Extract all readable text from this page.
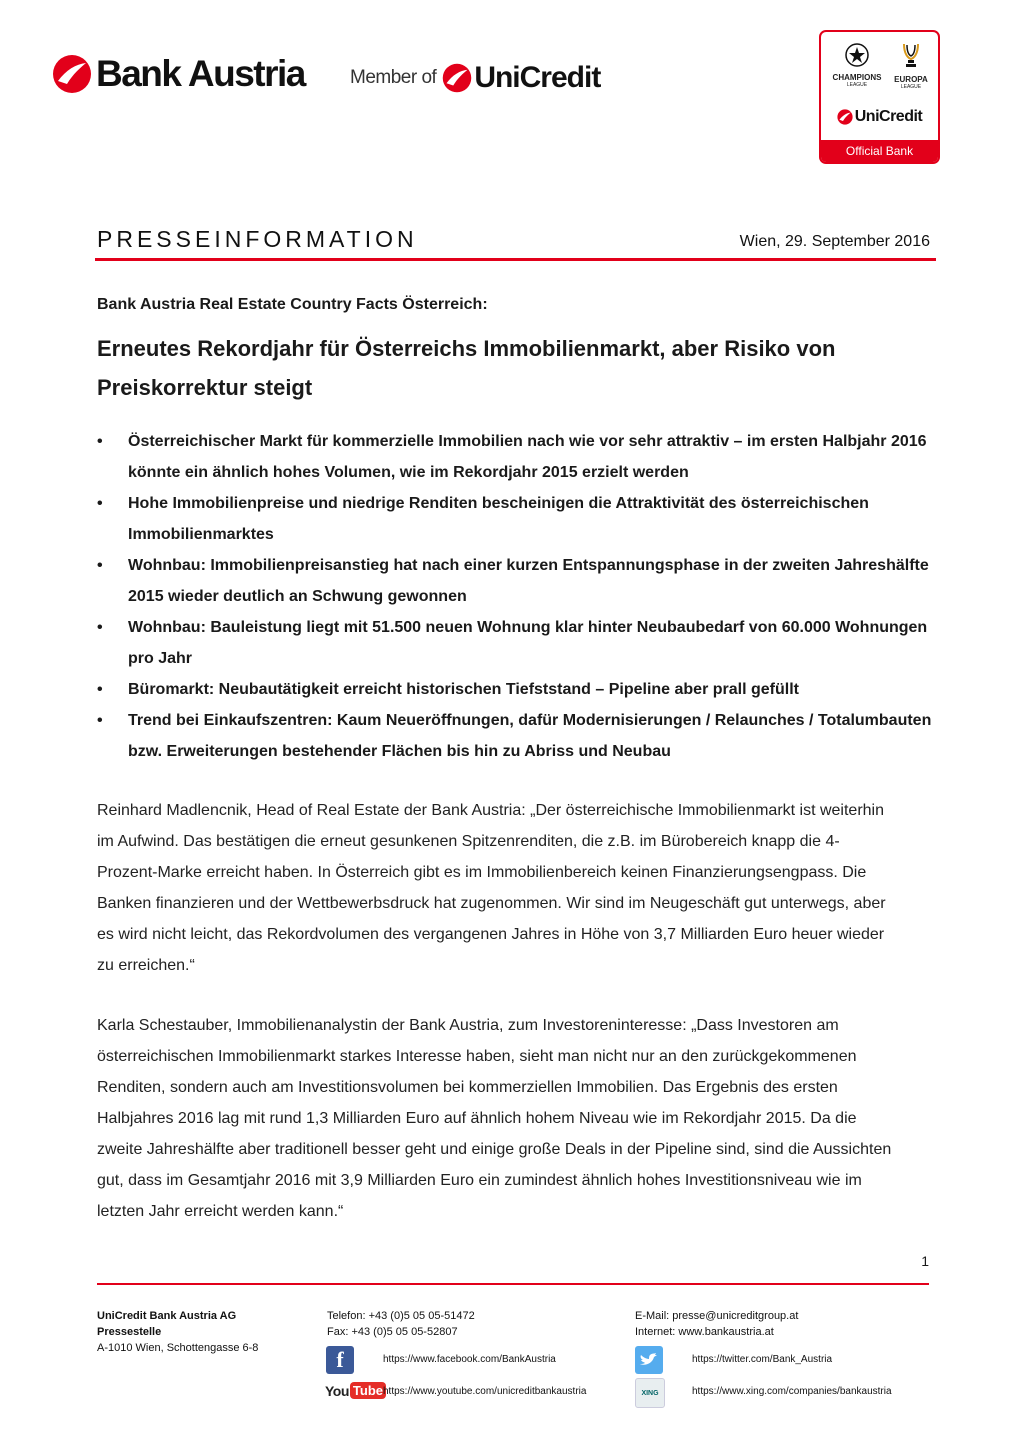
Bank Austria Member of UniCredit	CHAMPIONS
LEAGUE
EUROPA
LEAGUE
UniCredit
Official Bank
PRESSEINFORMATION	Wien, 29. September 2016
Bank Austria Real Estate Country Facts Österreich:
Erneutes Rekordjahr für Österreichs Immobilienmarkt, aber Risiko von Preiskorrektur steigt
• Österreichischer Markt für kommerzielle Immobilien nach wie vor sehr attraktiv – im ersten Halbjahr 2016 könnte ein ähnlich hohes Volumen, wie im Rekordjahr 2015 erzielt werden
• Hohe Immobilienpreise und niedrige Renditen bescheinigen die Attraktivität des österreichischen Immobilienmarktes
• Wohnbau: Immobilienpreisanstieg hat nach einer kurzen Entspannungsphase in der zweiten Jahreshälfte 2015 wieder deutlich an Schwung gewonnen
• Wohnbau: Bauleistung liegt mit 51.500 neuen Wohnung klar hinter Neubaubedarf von 60.000 Wohnungen pro Jahr
• Büromarkt: Neubautätigkeit erreicht historischen Tiefststand – Pipeline aber prall gefüllt
• Trend bei Einkaufszentren: Kaum Neueröffnungen, dafür Modernisierungen / Relaunches / Totalumbauten bzw. Erweiterungen bestehender Flächen bis hin zu Abriss und Neubau
Reinhard Madlencnik, Head of Real Estate der Bank Austria: „Der österreichische Immobilienmarkt ist weiterhin im Aufwind. Das bestätigen die erneut gesunkenen Spitzenrenditen, die z.B. im Bürobereich knapp die 4-Prozent-Marke erreicht haben. In Österreich gibt es im Immobilienbereich keinen Finanzierungsengpass. Die Banken finanzieren und der Wettbewerbsdruck hat zugenommen. Wir sind im Neugeschäft gut unterwegs, aber es wird nicht leicht, das Rekordvolumen des vergangenen Jahres in Höhe von 3,7 Milliarden Euro heuer wieder zu erreichen.“
Karla Schestauber, Immobilienanalystin der Bank Austria, zum Investoreninteresse: „Dass Investoren am österreichischen Immobilienmarkt starkes Interesse haben, sieht man nicht nur an den zurückgekommenen Renditen, sondern auch am Investitionsvolumen bei kommerziellen Immobilien. Das Ergebnis des ersten Halbjahres 2016 lag mit rund 1,3 Milliarden Euro auf ähnlich hohem Niveau wie im Rekordjahr 2015. Da die zweite Jahreshälfte aber traditionell besser geht und einige große Deals in der Pipeline sind, sind die Aussichten gut, dass im Gesamtjahr 2016 mit 3,9 Milliarden Euro ein zumindest ähnlich hohes Investitionsniveau wie im letzten Jahr erreicht werden kann.“
1
UniCredit Bank Austria AG
Pressestelle
A-1010 Wien, Schottengasse 6-8
Telefon: +43 (0)5 05 05-51472
Fax: +43 (0)5 05 05-52807
E-Mail: presse@unicreditgroup.at
Internet: www.bankaustria.at
f	https://www.facebook.com/BankAustria
You Tube https://www.youtube.com/unicreditbankaustria
https://twitter.com/Bank_Austria
XING	https://www.xing.com/companies/bankaustria
